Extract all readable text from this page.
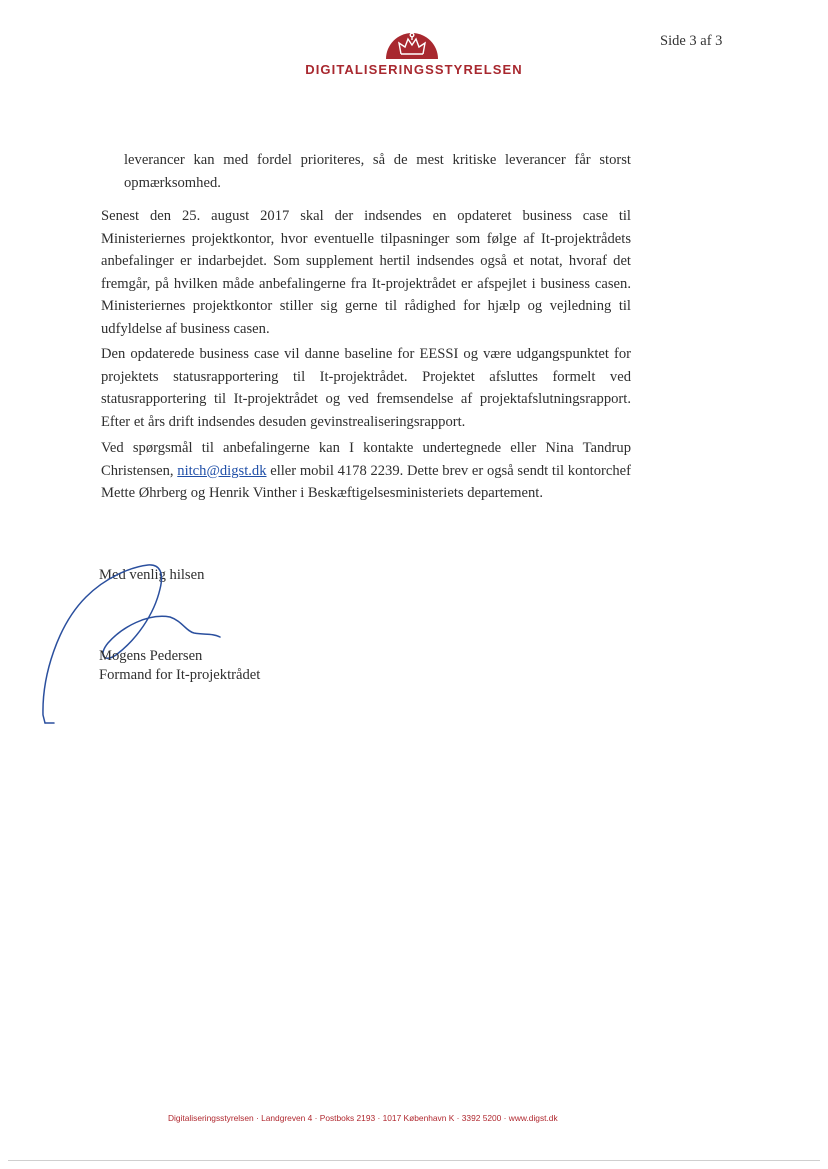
DIGITALISERINGSSTYRELSEN
Side 3 af 3
leverancer kan med fordel prioriteres, så de mest kritiske leverancer får storst opmærksomhed.
Senest den 25. august 2017 skal der indsendes en opdateret business case til Ministeriernes projektkontor, hvor eventuelle tilpasninger som følge af It-projektrådets anbefalinger er indarbejdet. Som supplement hertil indsendes også et notat, hvoraf det fremgår, på hvilken måde anbefalingerne fra It-projektrådet er afspejlet i business casen. Ministeriernes projektkontor stiller sig gerne til rådighed for hjælp og vejledning til udfyldelse af business casen.
Den opdaterede business case vil danne baseline for EESSI og være udgangspunktet for projektets statusrapportering til It-projektrådet. Projektet afsluttes formelt ved statusrapportering til It-projektrådet og ved fremsendelse af projektafslutningsrapport. Efter et års drift indsendes desuden gevinstrealiseringsrapport.
Ved spørgsmål til anbefalingerne kan I kontakte undertegnede eller Nina Tandrup Christensen, nitch@digst.dk eller mobil 4178 2239. Dette brev er også sendt til kontorchef Mette Øhrberg og Henrik Vinther i Beskæftigelsesministeriets departement.
Med venlig hilsen
Mogens Pedersen
Formand for It-projektrådet
Digitaliseringsstyrelsen · Landgreven 4 · Postboks 2193 · 1017 København K · 3392 5200 · www.digst.dk
